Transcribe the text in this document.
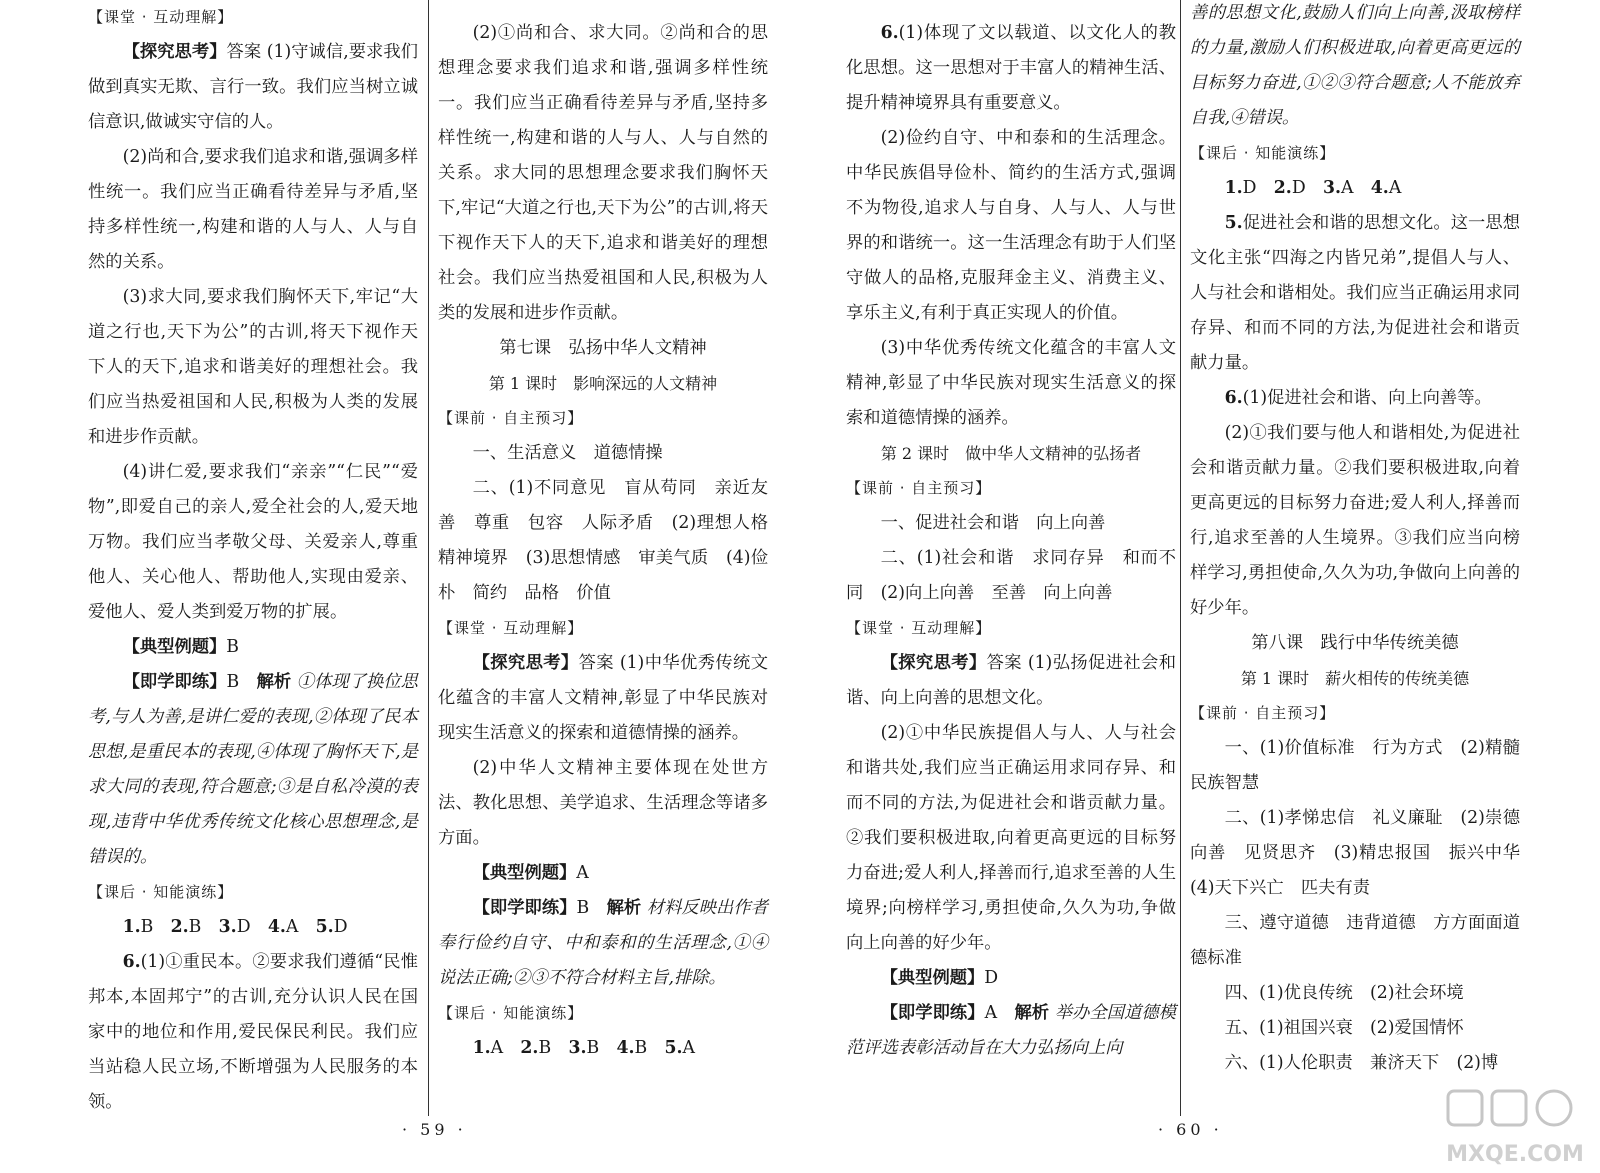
【课堂 · 互动理解】

【探究思考】答案 (1)守诚信,要求我们做到真实无欺、言行一致。我们应当树立诚信意识,做诚实守信的人。

(2)尚和合,要求我们追求和谐,强调多样性统一。我们应当正确看待差异与矛盾,坚持多样性统一,构建和谐的人与人、人与自然的关系。

(3)求大同,要求我们胸怀天下,牢记“大道之行也,天下为公”的古训,将天下视作天下人的天下,追求和谐美好的理想社会。我们应当热爱祖国和人民,积极为人类的发展和进步作贡献。

(4)讲仁爱,要求我们“亲亲”“仁民”“爱物”,即爱自己的亲人,爱全社会的人,爱天地万物。我们应当孝敬父母、关爱亲人,尊重他人、关心他人、帮助他人,实现由爱亲、爱他人、爱人类到爱万物的扩展。

【典型例题】B

【即学即练】B　解析 ①体现了换位思考,与人为善,是讲仁爱的表现,②体现了民本思想,是重民本的表现,④体现了胸怀天下,是求大同的表现,符合题意;③是自私冷漠的表现,违背中华优秀传统文化核心思想理念,是错误的。

【课后 · 知能演练】

1.B　2.B　3.D　4.A　5.D

6.(1)①重民本。②要求我们遵循“民惟邦本,本固邦宁”的古训,充分认识人民在国家中的地位和作用,爱民保民利民。我们应当站稳人民立场,不断增强为人民服务的本领。

(2)①尚和合、求大同。②尚和合的思想理念要求我们追求和谐,强调多样性统一。我们应当正确看待差异与矛盾,坚持多样性统一,构建和谐的人与人、人与自然的关系。求大同的思想理念要求我们胸怀天下,牢记“大道之行也,天下为公”的古训,将天下视作天下人的天下,追求和谐美好的理想社会。我们应当热爱祖国和人民,积极为人类的发展和进步作贡献。

第七课　弘扬中华人文精神

第 1 课时　影响深远的人文精神

【课前 · 自主预习】

一、生活意义　道德情操

二、(1)不同意见　盲从苟同　亲近友善　尊重　包容　人际矛盾　(2)理想人格　精神境界　(3)思想情感　审美气质　(4)俭朴　简约　品格　价值

【课堂 · 互动理解】

【探究思考】答案 (1)中华优秀传统文化蕴含的丰富人文精神,彰显了中华民族对现实生活意义的探索和道德情操的涵养。

(2)中华人文精神主要体现在处世方法、教化思想、美学追求、生活理念等诸多方面。

【典型例题】A

【即学即练】B　解析 材料反映出作者奉行俭约自守、中和泰和的生活理念,①④说法正确;②③不符合材料主旨,排除。

【课后 · 知能演练】

1.A　2.B　3.B　4.B　5.A

6.(1)体现了文以载道、以文化人的教化思想。这一思想对于丰富人的精神生活、提升精神境界具有重要意义。

(2)俭约自守、中和泰和的生活理念。中华民族倡导俭朴、简约的生活方式,强调不为物役,追求人与自身、人与人、人与世界的和谐统一。这一生活理念有助于人们坚守做人的品格,克服拜金主义、消费主义、享乐主义,有利于真正实现人的价值。

(3)中华优秀传统文化蕴含的丰富人文精神,彰显了中华民族对现实生活意义的探索和道德情操的涵养。

第 2 课时　做中华人文精神的弘扬者

【课前 · 自主预习】

一、促进社会和谐　向上向善

二、(1)社会和谐　求同存异　和而不同　(2)向上向善　至善　向上向善

【课堂 · 互动理解】

【探究思考】答案 (1)弘扬促进社会和谐、向上向善的思想文化。

(2)①中华民族提倡人与人、人与社会和谐共处,我们应当正确运用求同存异、和而不同的方法,为促进社会和谐贡献力量。②我们要积极进取,向着更高更远的目标努力奋进;爱人利人,择善而行,追求至善的人生境界;向榜样学习,勇担使命,久久为功,争做向上向善的好少年。

【典型例题】D

【即学即练】A　解析 举办全国道德模范评选表彰活动旨在大力弘扬向上向

善的思想文化,鼓励人们向上向善,汲取榜样的力量,激励人们积极进取,向着更高更远的目标努力奋进,①②③符合题意;人不能放弃自我,④错误。

【课后 · 知能演练】

1.D　2.D　3.A　4.A

5.促进社会和谐的思想文化。这一思想文化主张“四海之内皆兄弟”,提倡人与人、人与社会和谐相处。我们应当正确运用求同存异、和而不同的方法,为促进社会和谐贡献力量。

6.(1)促进社会和谐、向上向善等。

(2)①我们要与他人和谐相处,为促进社会和谐贡献力量。②我们要积极进取,向着更高更远的目标努力奋进;爱人利人,择善而行,追求至善的人生境界。③我们应当向榜样学习,勇担使命,久久为功,争做向上向善的好少年。

第八课　践行中华传统美德

第 1 课时　薪火相传的传统美德

【课前 · 自主预习】

一、(1)价值标准　行为方式　(2)精髓　民族智慧

二、(1)孝悌忠信　礼义廉耻　(2)崇德向善　见贤思齐　(3)精忠报国　振兴中华　(4)天下兴亡　匹夫有责

三、遵守道德　违背道德　方方面面道德标准

四、(1)优良传统　(2)社会环境

五、(1)祖国兴衰　(2)爱国情怀

六、(1)人伦职责　兼济天下　(2)博

· 59 ·	· 60 ·
MXQE.COM
